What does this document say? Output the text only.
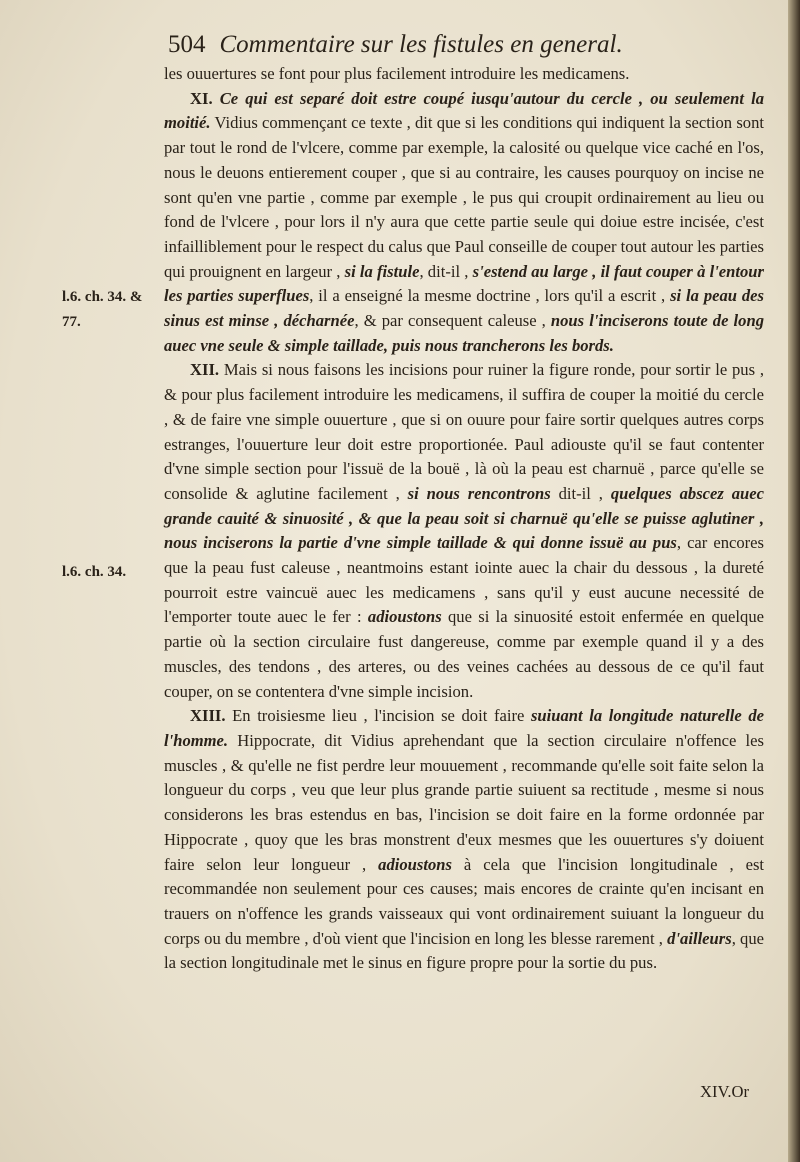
504 Commentaire sur les fistules en general.
l.6. ch. 34. &
77.
l.6. ch. 34.

les ouuertures se font pour plus facilement introduire les medicamens.

XI. Ce qui est separé doit estre coupé iusqu'autour du cercle , ou seulement la moitié. Vidius commençant ce texte , dit que si les conditions qui indiquent la section sont par tout le rond de l'vlcere, comme par exemple, la calosité ou quelque vice caché en l'os, nous le deuons entierement couper , que si au contraire, les causes pourquoy on incise ne sont qu'en vne partie , comme par exemple , le pus qui croupit ordinairement au lieu ou fond de l'vlcere , pour lors il n'y aura que cette partie seule qui doiue estre incisée, c'est infailliblement pour le respect du calus que Paul conseille de couper tout autour les parties qui prouignent en largeur , si la fistule, dit-il , s'estend au large , il faut couper à l'entour les parties superflues, il a enseigné la mesme doctrine , lors qu'il a escrit , si la peau des sinus est minse , décharnée, & par consequent caleuse , nous l'inciserons toute de long auec vne seule & simple taillade, puis nous trancherons les bords.

XII. Mais si nous faisons les incisions pour ruiner la figure ronde, pour sortir le pus , & pour plus facilement introduire les medicamens, il suffira de couper la moitié du cercle , & de faire vne simple ouuerture , que si on ouure pour faire sortir quelques autres corps estranges, l'ouuerture leur doit estre proportionée. Paul adiouste qu'il se faut contenter d'vne simple section pour l'issuë de la bouë , là où la peau est charnuë , parce qu'elle se consolide & aglutine facilement , si nous rencontrons dit-il , quelques abscez auec grande cauité & sinuosité , & que la peau soit si charnuë qu'elle se puisse aglutiner , nous inciserons la partie d'vne simple taillade & qui donne issuë au pus, car encores que la peau fust caleuse , neantmoins estant iointe auec la chair du dessous , la dureté pourroit estre vaincuë auec les medicamens , sans qu'il y eust aucune necessité de l'emporter toute auec le fer : adioustons que si la sinuosité estoit enfermée en quelque partie où la section circulaire fust dangereuse, comme par exemple quand il y a des muscles, des tendons , des arteres, ou des veines cachées au dessous de ce qu'il faut couper, on se contentera d'vne simple incision.

XIII. En troisiesme lieu , l'incision se doit faire suiuant la longitude naturelle de l'homme. Hippocrate, dit Vidius aprehendant que la section circulaire n'offence les muscles , & qu'elle ne fist perdre leur mouuement , recommande qu'elle soit faite selon la longueur du corps , veu que leur plus grande partie suiuent sa rectitude , mesme si nous considerons les bras estendus en bas, l'incision se doit faire en la forme ordonnée par Hippocrate , quoy que les bras monstrent d'eux mesmes que les ouuertures s'y doiuent faire selon leur longueur , adioustons à cela que l'incision longitudinale , est recommandée non seulement pour ces causes; mais encores de crainte qu'en incisant en trauers on n'offence les grands vaisseaux qui vont ordinairement suiuant la longueur du corps ou du membre , d'où vient que l'incision en long les blesse rarement , d'ailleurs, que la section longitudinale met le sinus en figure propre pour la sortie du pus.

XIV.Or
